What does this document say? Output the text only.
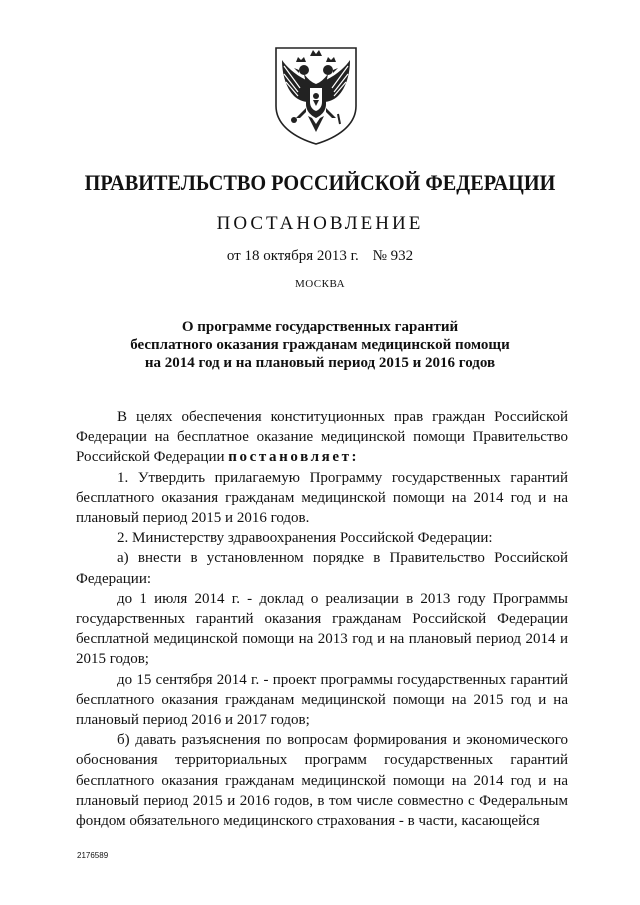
ПРАВИТЕЛЬСТВО РОССИЙСКОЙ ФЕДЕРАЦИИ
ПОСТАНОВЛЕНИЕ
от 18 октября 2013 г. № 932
МОСКВА
О программе государственных гарантий
бесплатного оказания гражданам медицинской помощи
на 2014 год и на плановый период 2015 и 2016 годов

В целях обеспечения конституционных прав граждан Российской Федерации на бесплатное оказание медицинской помощи Правительство Российской Федерации постановляет:

1. Утвердить прилагаемую Программу государственных гарантий бесплатного оказания гражданам медицинской помощи на 2014 год и на плановый период 2015 и 2016 годов.

2. Министерству здравоохранения Российской Федерации:

а) внести в установленном порядке в Правительство Российской Федерации:

до 1 июля 2014 г. - доклад о реализации в 2013 году Программы государственных гарантий оказания гражданам Российской Федерации бесплатной медицинской помощи на 2013 год и на плановый период 2014 и 2015 годов;

до 15 сентября 2014 г. - проект программы государственных гарантий бесплатного оказания гражданам медицинской помощи на 2015 год и на плановый период 2016 и 2017 годов;

б) давать разъяснения по вопросам формирования и экономического обоснования территориальных программ государственных гарантий бесплатного оказания гражданам медицинской помощи на 2014 год и на плановый период 2015 и 2016 годов, в том числе совместно с Федеральным фондом обязательного медицинского страхования - в части, касающейся

2176589
